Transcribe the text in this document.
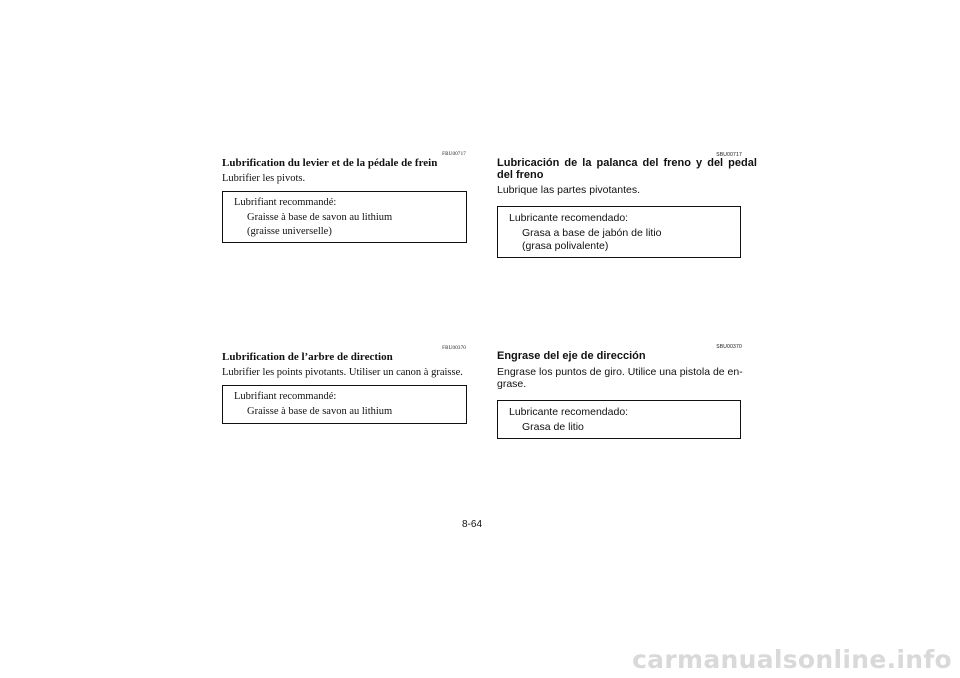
FBU00717
Lubrification du levier et de la pédale de frein
Lubrifier les pivots.
Lubrifiant recommandé:
Graisse à base de savon au lithium
(graisse universelle)
FBU00370
Lubrification de l’arbre de direction
Lubrifier les points pivotants. Utiliser un canon à graisse.
Lubrifiant recommandé:
Graisse à base de savon au lithium
SBU00717
Lubricación de la palanca del freno y del pedal
del freno
Lubrique las partes pivotantes.
Lubricante recomendado:
Grasa a base de jabón de litio
(grasa polivalente)
SBU00370
Engrase del eje de dirección
Engrase los puntos de giro. Utilice una pistola de en-
grase.
Lubricante recomendado:
Grasa de litio
8-64
carmanualsonline.info
